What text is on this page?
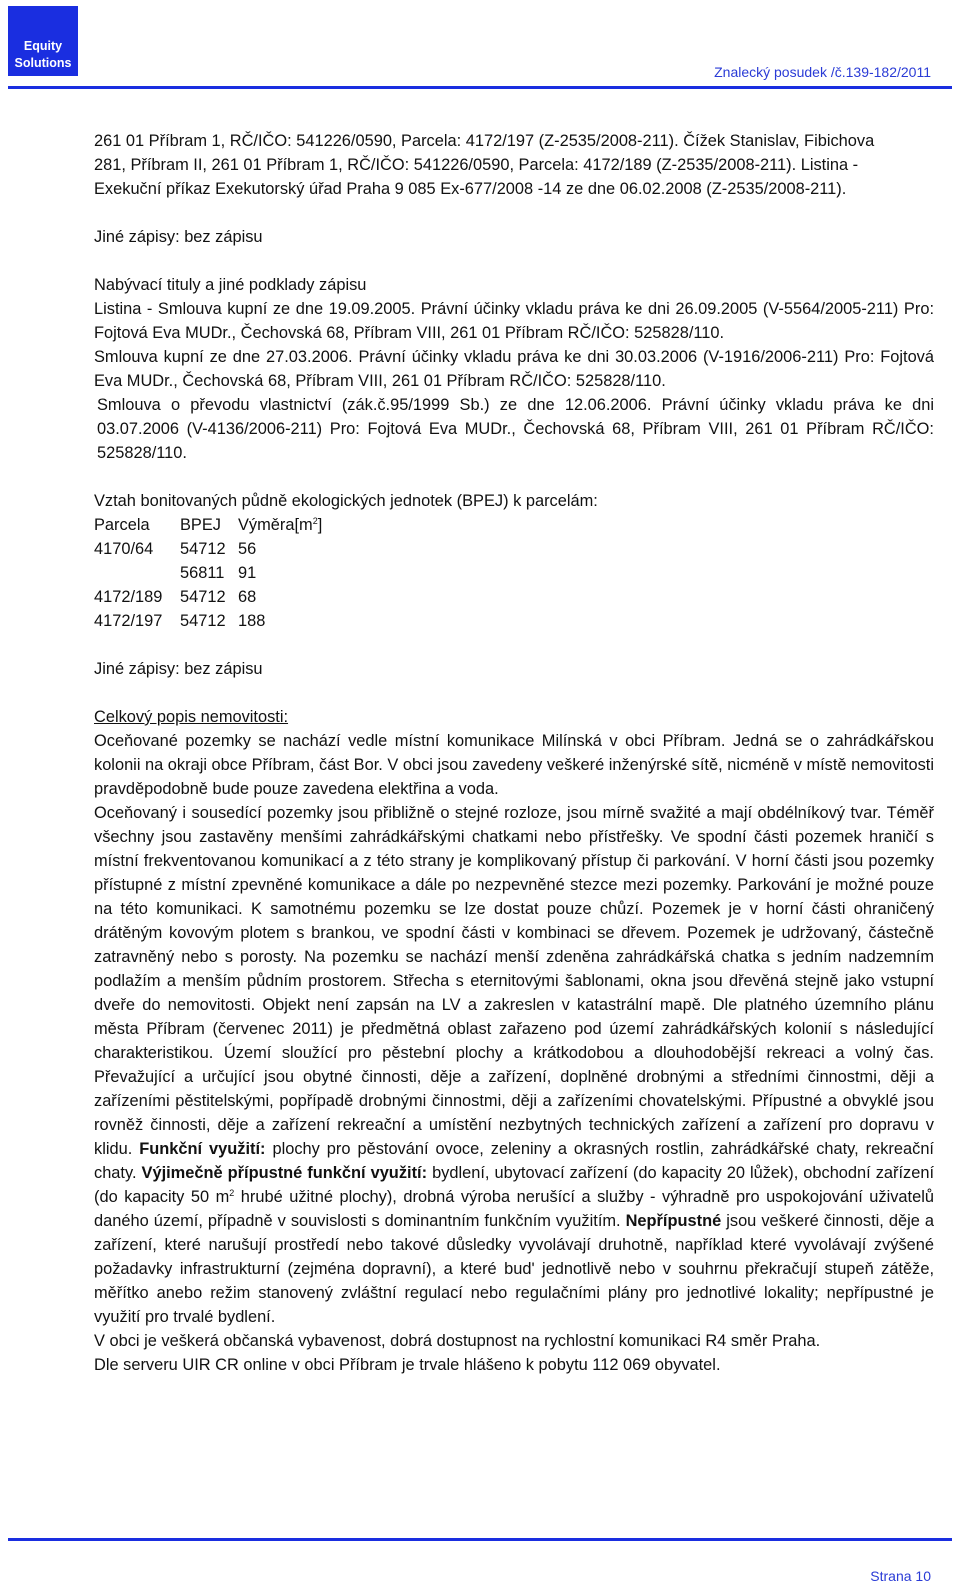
Equity
Solutions
Znalecký posudek /č.139-182/2011

261 01 Příbram 1, RČ/IČO: 541226/0590, Parcela: 4172/197 (Z-2535/2008-211). Čížek Stanislav, Fibichova

281, Příbram II, 261 01 Příbram 1, RČ/IČO: 541226/0590, Parcela: 4172/189 (Z-2535/2008-211). Listina -

Exekuční příkaz Exekutorský úřad Praha 9 085 Ex-677/2008 -14 ze dne 06.02.2008 (Z-2535/2008-211).

Jiné zápisy: bez zápisu

Nabývací tituly a jiné podklady zápisu

Listina - Smlouva kupní ze dne 19.09.2005. Právní účinky vkladu práva ke dni 26.09.2005 (V-5564/2005-211) Pro: Fojtová Eva MUDr., Čechovská 68, Příbram VIII, 261 01 Příbram RČ/IČO: 525828/110.

Smlouva kupní ze dne 27.03.2006. Právní účinky vkladu práva ke dni 30.03.2006 (V-1916/2006-211) Pro: Fojtová Eva MUDr., Čechovská 68, Příbram VIII, 261 01 Příbram RČ/IČO: 525828/110.

Smlouva o převodu vlastnictví (zák.č.95/1999 Sb.) ze dne 12.06.2006. Právní účinky vkladu práva ke dni 03.07.2006 (V-4136/2006-211) Pro: Fojtová Eva MUDr., Čechovská 68, Příbram VIII, 261 01 Příbram RČ/IČO: 525828/110.

Vztah bonitovaných půdně ekologických jednotek (BPEJ) k parcelám:

Parcela	BPEJ	$Výměra[m^2]$
4170/64	54712	56
	56811	91
4172/189	54712	68
4172/197	54712	188

Jiné zápisy: bez zápisu

Celkový popis nemovitosti:

Oceňované pozemky se nachází vedle místní komunikace Milínská v obci Příbram. Jedná se o zahrádkářskou kolonii na okraji obce Příbram, část Bor. V obci jsou zavedeny veškeré inženýrské sítě, nicméně v místě nemovitosti pravděpodobně bude pouze zavedena elektřina a voda.

Oceňovaný i sousedící pozemky jsou přibližně o stejné rozloze, jsou mírně svažité a mají obdélníkový tvar. Téměř všechny jsou zastavěny menšími zahrádkářskými chatkami nebo přístřešky. Ve spodní části pozemek hraničí s místní frekventovanou komunikací a z této strany je komplikovaný přístup či parkování. V horní části jsou pozemky přístupné z místní zpevněné komunikace a dále po nezpevněné stezce mezi pozemky. Parkování je možné pouze na této komunikaci. K samotnému pozemku se lze dostat pouze chůzí. Pozemek je v horní části ohraničený drátěným kovovým plotem s brankou, ve spodní části v kombinaci se dřevem. Pozemek je udržovaný, částečně zatravněný nebo s porosty. Na pozemku se nachází menší zdeněna zahrádkářská chatka s jedním nadzemním podlažím a menším půdním prostorem. Střecha s eternitovými šablonami, okna jsou dřevěná stejně jako vstupní dveře do nemovitosti. Objekt není zapsán na LV a zakreslen v katastrální mapě. Dle platného územního plánu města Příbram (červenec 2011) je předmětná oblast zařazeno pod území zahrádkářských kolonií s následující charakteristikou. Území sloužící pro pěstební plochy a krátkodobou a dlouhodobější rekreaci a volný čas. Převažující a určující jsou obytné činnosti, děje a zařízení, doplněné drobnými a středními činnostmi, ději a zařízeními pěstitelskými, popřípadě drobnými činnostmi, ději a zařízeními chovatelskými. Přípustné a obvyklé jsou rovněž činnosti, děje a zařízení rekreační a umístění nezbytných technických zařízení a zařízení pro dopravu v klidu. Funkční využití: plochy pro pěstování ovoce, zeleniny a okrasných rostlin, zahrádkářské chaty, rekreační chaty. Výjimečně přípustné funkční využití: bydlení, ubytovací zařízení (do kapacity 20 lůžek), obchodní zařízení (do kapacity 50 $m^2$ hrubé užitné plochy), drobná výroba nerušící a služby - výhradně pro uspokojování uživatelů daného území, případně v souvislosti s dominantním funkčním využitím. Nepřípustné jsou veškeré činnosti, děje a zařízení, které narušují prostředí nebo takové důsledky vyvolávají druhotně, například které vyvolávají zvýšené požadavky infrastrukturní (zejména dopravní), a které bud' jednotlivě nebo v souhrnu překračují stupeň zátěže, měřítko anebo režim stanovený zvláštní regulací nebo regulačními plány pro jednotlivé lokality; nepřípustné je využití pro trvalé bydlení.

V obci je veškerá občanská vybavenost, dobrá dostupnost na rychlostní komunikaci R4 směr Praha.

Dle serveru UIR CR online v obci Příbram je trvale hlášeno k pobytu 112 069 obyvatel.

Strana 10
